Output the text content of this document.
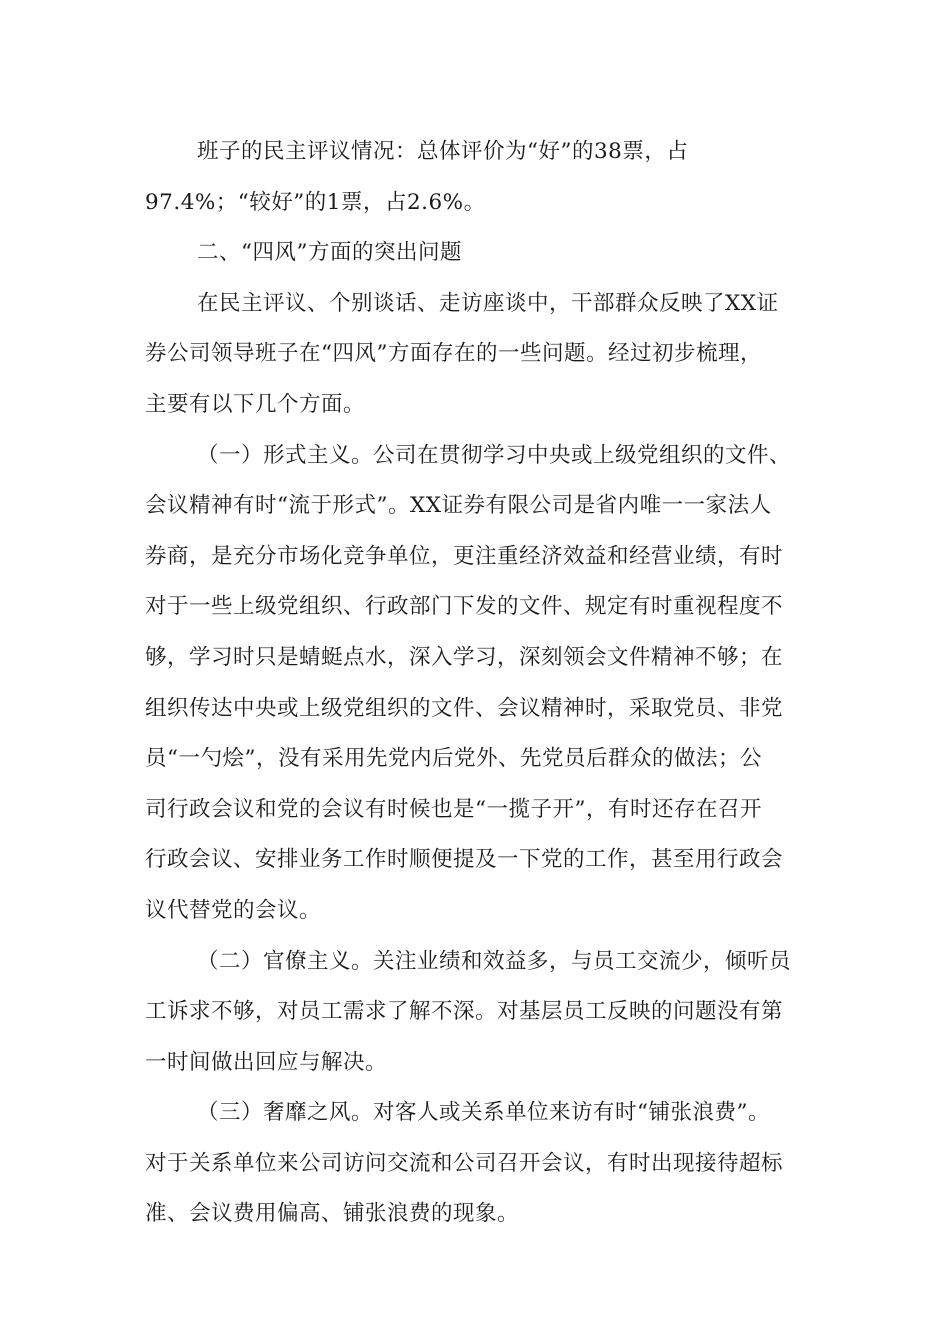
班子的民主评议情况：总体评价为“好”的38票，占
97.4%；“较好”的1票，占2.6%。
二、“四风”方面的突出问题
在民主评议、个别谈话、走访座谈中，干部群众反映了XX证
券公司领导班子在“四风”方面存在的一些问题。经过初步梳理，
主要有以下几个方面。
（一）形式主义。公司在贯彻学习中央或上级党组织的文件、
会议精神有时“流于形式”。XX证券有限公司是省内唯一一家法人
券商，是充分市场化竞争单位，更注重经济效益和经营业绩，有时
对于一些上级党组织、行政部门下发的文件、规定有时重视程度不
够，学习时只是蜻蜓点水，深入学习，深刻领会文件精神不够；在
组织传达中央或上级党组织的文件、会议精神时，采取党员、非党
员“一勺烩”，没有采用先党内后党外、先党员后群众的做法；公
司行政会议和党的会议有时候也是“一揽子开”，有时还存在召开
行政会议、安排业务工作时顺便提及一下党的工作，甚至用行政会
议代替党的会议。
（二）官僚主义。关注业绩和效益多，与员工交流少，倾听员
工诉求不够，对员工需求了解不深。对基层员工反映的问题没有第
一时间做出回应与解决。
（三）奢靡之风。对客人或关系单位来访有时“铺张浪费”。
对于关系单位来公司访问交流和公司召开会议，有时出现接待超标
准、会议费用偏高、铺张浪费的现象。
